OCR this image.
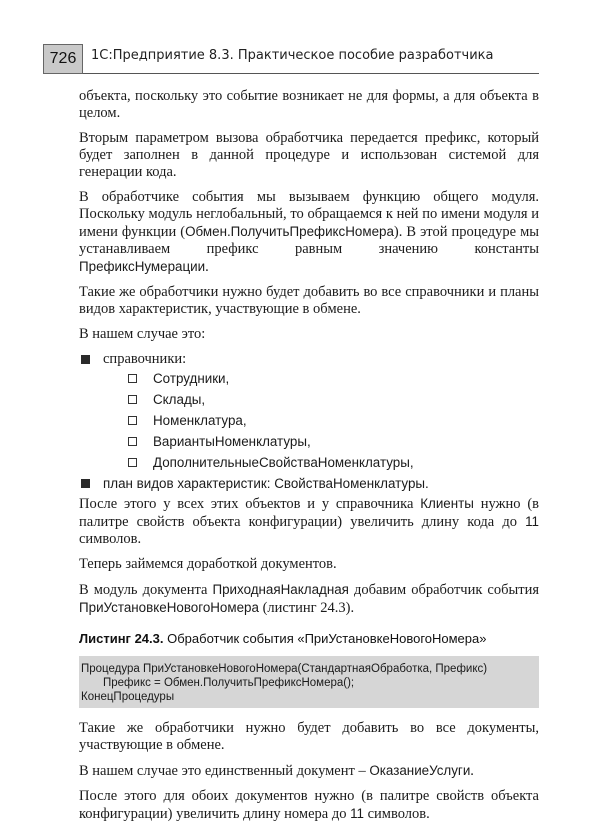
726	1С:Предприятие 8.3. Практическое пособие разработчика

объекта, поскольку это событие возникает не для формы, а для объекта в целом.

Вторым параметром вызова обработчика передается префикс, который будет заполнен в данной процедуре и использован системой для генерации кода.

В обработчике события мы вызываем функцию общего модуля. Поскольку модуль неглобальный, то обращаемся к ней по имени модуля и имени функции (Обмен.ПолучитьПрефиксНомера). В этой процедуре мы устанавливаем префикс равным значению константы ПрефиксНумерации.

Такие же обработчики нужно будет добавить во все справочники и планы видов характеристик, участвующие в обмене.

В нашем случае это:

справочники:
Сотрудники,
Склады,
Номенклатура,
ВариантыНоменклатуры,
ДополнительныеСвойстваНоменклатуры,
план видов характеристик: СвойстваНоменклатуры.

После этого у всех этих объектов и у справочника Клиенты нужно (в палитре свойств объекта конфигурации) увеличить длину кода до 11 символов.

Теперь займемся доработкой документов.

В модуль документа ПриходнаяНакладная добавим обработчик события ПриУстановкеНовогоНомера (листинг 24.3).

Листинг 24.3. Обработчик события «ПриУстановкеНовогоНомера»
Процедура ПриУстановкеНовогоНомера(СтандартнаяОбработка, Префикс)
Префикс = Обмен.ПолучитьПрефиксНомера();
КонецПроцедуры

Такие же обработчики нужно будет добавить во все документы, участвующие в обмене.

В нашем случае это единственный документ – ОказаниеУслуги.

После этого для обоих документов нужно (в палитре свойств объекта конфигурации) увеличить длину номера до 11 символов.
